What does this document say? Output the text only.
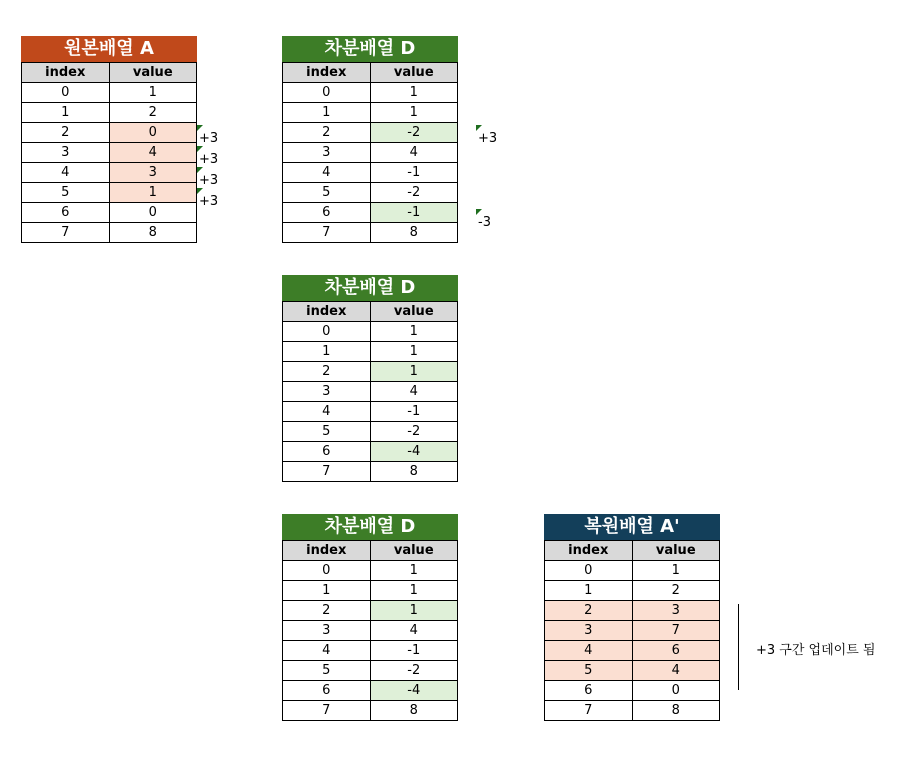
원본배열 A
index	value
0	1
1	2
2	0
3	4
4	3
5	1
6	0
7	8
차분배열 D
index	value
0	1
1	1
2	-2
3	4
4	-1
5	-2
6	-1
7	8
차분배열 D
index	value
0	1
1	1
2	1
3	4
4	-1
5	-2
6	-4
7	8
차분배열 D
index	value
0	1
1	1
2	1
3	4
4	-1
5	-2
6	-4
7	8
복원배열 A'
index	value
0	1
1	2
2	3
3	7
4	6
5	4
6	0
7	8
+3
+3
+3
+3
+3
-3
+3 구간 업데이트 됨
